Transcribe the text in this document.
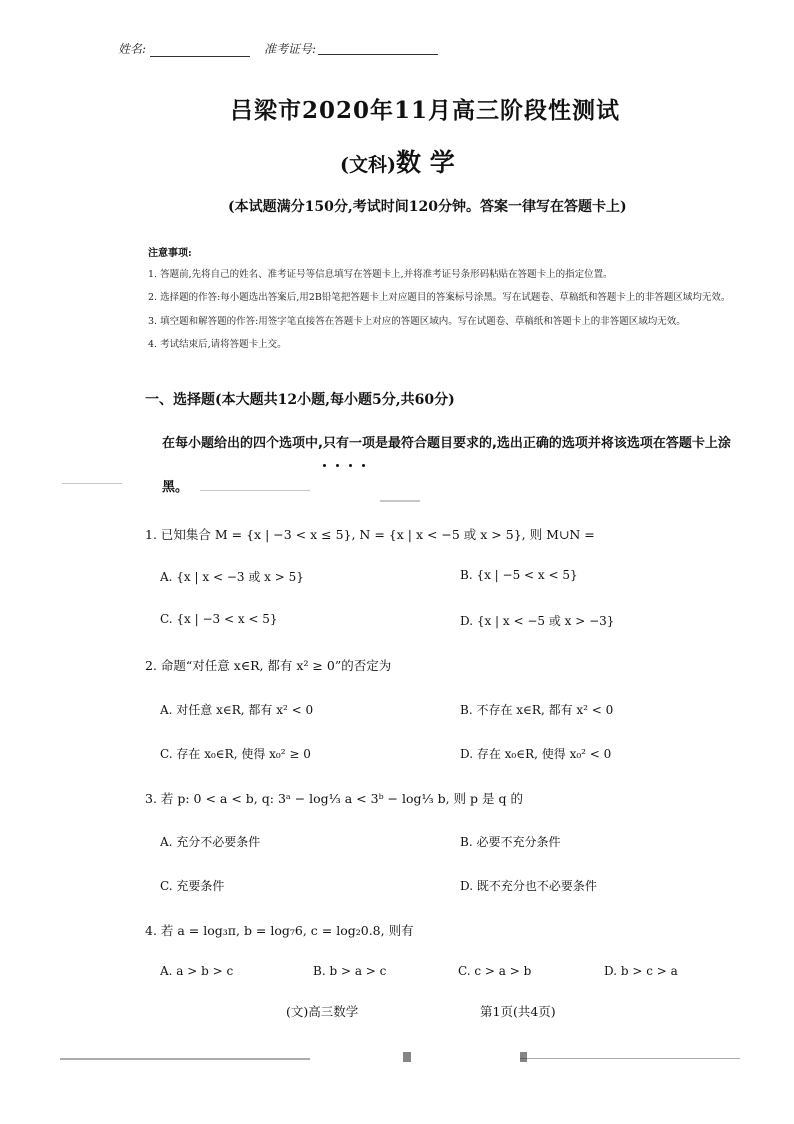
姓名:	准考证号:
吕梁市2020年11月高三阶段性测试
(文科)数 学
(本试题满分150分,考试时间120分钟。答案一律写在答题卡上)
注意事项:
1. 答题前,先将自己的姓名、准考证号等信息填写在答题卡上,并将准考证号条形码粘贴在答题卡上的指定位置。
2. 选择题的作答:每小题选出答案后,用2B铅笔把答题卡上对应题目的答案标号涂黑。写在试题卷、草稿纸和答题卡上的非答题区域均无效。
3. 填空题和解答题的作答:用签字笔直接答在答题卡上对应的答题区域内。写在试题卷、草稿纸和答题卡上的非答题区域均无效。
4. 考试结束后,请将答题卡上交。
一、选择题(本大题共12小题,每小题5分,共60分)
在每小题给出的四个选项中,只有一项是最符合题目要求的,选出正确的选项并将该选项在答题卡上涂
黑。
1. 已知集合 M = {x | −3 < x ≤ 5}, N = {x | x < −5 或 x > 5}, 则 M∪N =
A. {x | x < −3 或 x > 5}	B. {x | −5 < x < 5}
C. {x | −3 < x < 5}	D. {x | x < −5 或 x > −3}
2. 命题“对任意 x∈R, 都有 x² ≥ 0”的否定为
A. 对任意 x∈R, 都有 x² < 0	B. 不存在 x∈R, 都有 x² < 0
C. 存在 x₀∈R, 使得 x₀² ≥ 0	D. 存在 x₀∈R, 使得 x₀² < 0
3. 若 p: 0 < a < b, q: 3ᵃ − log⅓ a < 3ᵇ − log⅓ b, 则 p 是 q 的
A. 充分不必要条件	B. 必要不充分条件
C. 充要条件	D. 既不充分也不必要条件
4. 若 a = log₃π, b = log₇6, c = log₂0.8, 则有
A. a > b > c	B. b > a > c	C. c > a > b	D. b > c > a
(文)高三数学	第1页(共4页)
